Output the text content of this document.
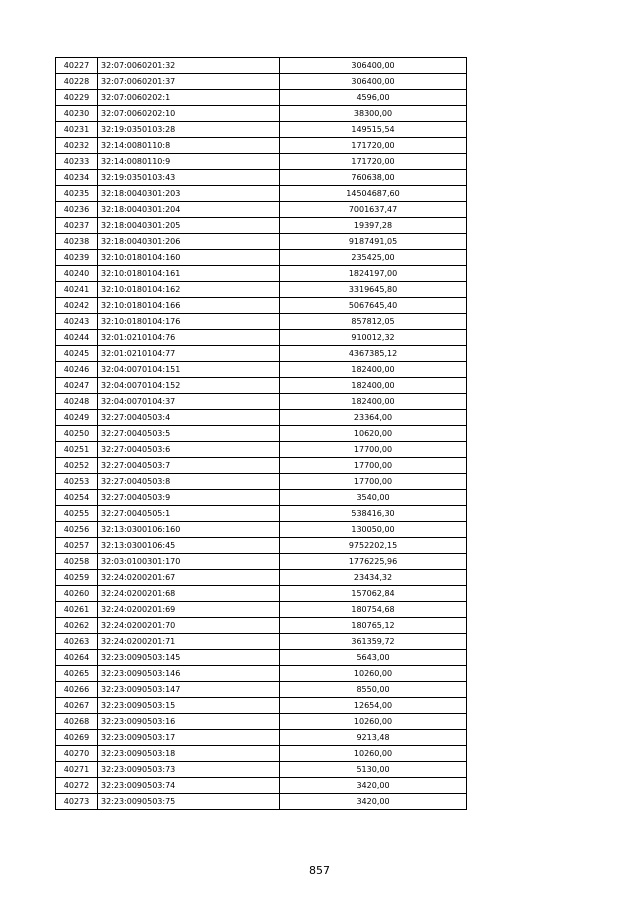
40227	32:07:0060201:32	306400,00
40228	32:07:0060201:37	306400,00
40229	32:07:0060202:1	4596,00
40230	32:07:0060202:10	38300,00
40231	32:19:0350103:28	149515,54
40232	32:14:0080110:8	171720,00
40233	32:14:0080110:9	171720,00
40234	32:19:0350103:43	760638,00
40235	32:18:0040301:203	14504687,60
40236	32:18:0040301:204	7001637,47
40237	32:18:0040301:205	19397,28
40238	32:18:0040301:206	9187491,05
40239	32:10:0180104:160	235425,00
40240	32:10:0180104:161	1824197,00
40241	32:10:0180104:162	3319645,80
40242	32:10:0180104:166	5067645,40
40243	32:10:0180104:176	857812,05
40244	32:01:0210104:76	910012,32
40245	32:01:0210104:77	4367385,12
40246	32:04:0070104:151	182400,00
40247	32:04:0070104:152	182400,00
40248	32:04:0070104:37	182400,00
40249	32:27:0040503:4	23364,00
40250	32:27:0040503:5	10620,00
40251	32:27:0040503:6	17700,00
40252	32:27:0040503:7	17700,00
40253	32:27:0040503:8	17700,00
40254	32:27:0040503:9	3540,00
40255	32:27:0040505:1	538416,30
40256	32:13:0300106:160	130050,00
40257	32:13:0300106:45	9752202,15
40258	32:03:0100301:170	1776225,96
40259	32:24:0200201:67	23434,32
40260	32:24:0200201:68	157062,84
40261	32:24:0200201:69	180754,68
40262	32:24:0200201:70	180765,12
40263	32:24:0200201:71	361359,72
40264	32:23:0090503:145	5643,00
40265	32:23:0090503:146	10260,00
40266	32:23:0090503:147	8550,00
40267	32:23:0090503:15	12654,00
40268	32:23:0090503:16	10260,00
40269	32:23:0090503:17	9213,48
40270	32:23:0090503:18	10260,00
40271	32:23:0090503:73	5130,00
40272	32:23:0090503:74	3420,00
40273	32:23:0090503:75	3420,00
857
